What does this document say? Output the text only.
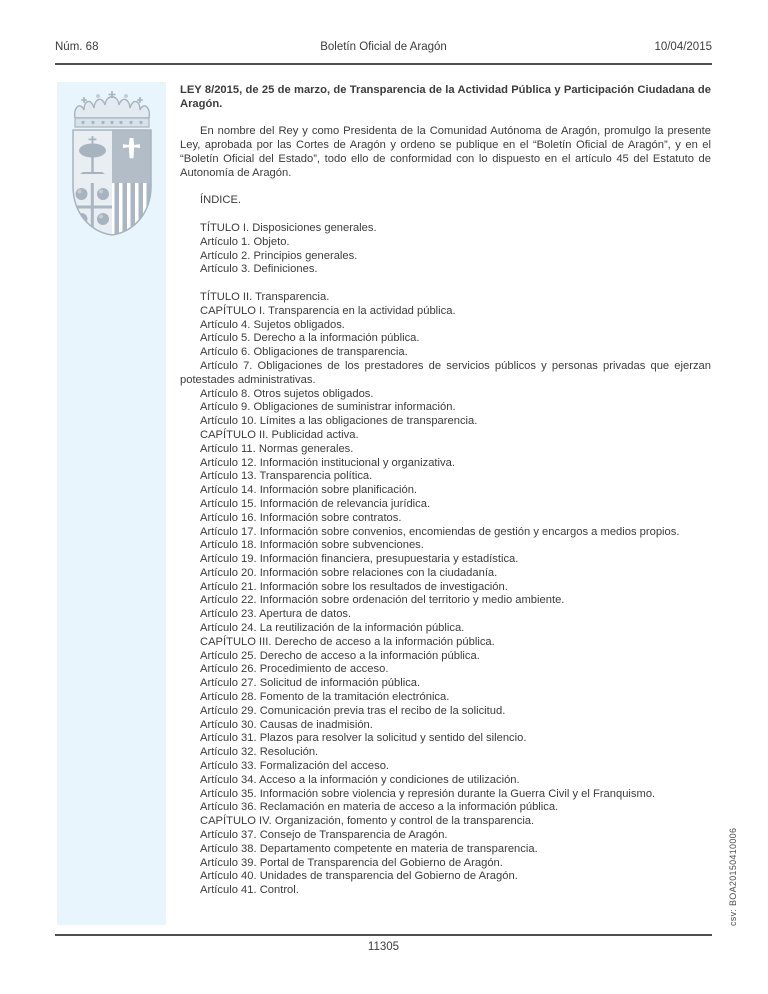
Boletín Oficial de Aragón
Núm. 68	10/04/2015

LEY 8/2015, de 25 de marzo, de Transparencia de la Actividad Pública y Participación Ciudadana de Aragón.

En nombre del Rey y como Presidenta de la Comunidad Autónoma de Aragón, promulgo la presente Ley, aprobada por las Cortes de Aragón y ordeno se publique en el “Boletín Oficial de Aragón”, y en el “Boletín Oficial del Estado”, todo ello de conformidad con lo dispuesto en el artículo 45 del Estatuto de Autonomía de Aragón.

ÍNDICE.

TÍTULO I. Disposiciones generales.

Artículo 1. Objeto.

Artículo 2. Principios generales.

Artículo 3. Definiciones.

TÍTULO II. Transparencia.

CAPÍTULO I. Transparencia en la actividad pública.

Artículo 4. Sujetos obligados.

Artículo 5. Derecho a la información pública.

Artículo 6. Obligaciones de transparencia.

Artículo 7. Obligaciones de los prestadores de servicios públicos y personas privadas que ejerzan potestades administrativas.

Artículo 8. Otros sujetos obligados.

Artículo 9. Obligaciones de suministrar información.

Artículo 10. Límites a las obligaciones de transparencia.

CAPÍTULO II. Publicidad activa.

Artículo 11. Normas generales.

Artículo 12. Información institucional y organizativa.

Artículo 13. Transparencia política.

Artículo 14. Información sobre planificación.

Artículo 15. Información de relevancia jurídica.

Artículo 16. Información sobre contratos.

Artículo 17. Información sobre convenios, encomiendas de gestión y encargos a medios propios.

Artículo 18. Información sobre subvenciones.

Artículo 19. Información financiera, presupuestaria y estadística.

Artículo 20. Información sobre relaciones con la ciudadanía.

Artículo 21. Información sobre los resultados de investigación.

Artículo 22. Información sobre ordenación del territorio y medio ambiente.

Artículo 23. Apertura de datos.

Artículo 24. La reutilización de la información pública.

CAPÍTULO III. Derecho de acceso a la información pública.

Artículo 25. Derecho de acceso a la información pública.

Artículo 26. Procedimiento de acceso.

Artículo 27. Solicitud de información pública.

Artículo 28. Fomento de la tramitación electrónica.

Artículo 29. Comunicación previa tras el recibo de la solicitud.

Artículo 30. Causas de inadmisión.

Artículo 31. Plazos para resolver la solicitud y sentido del silencio.

Artículo 32. Resolución.

Artículo 33. Formalización del acceso.

Artículo 34. Acceso a la información y condiciones de utilización.

Artículo 35. Información sobre violencia y represión durante la Guerra Civil y el Franquismo.

Artículo 36. Reclamación en materia de acceso a la información pública.

CAPÍTULO IV. Organización, fomento y control de la transparencia.

Artículo 37. Consejo de Transparencia de Aragón.

Artículo 38. Departamento competente en materia de transparencia.

Artículo 39. Portal de Transparencia del Gobierno de Aragón.

Artículo 40. Unidades de transparencia del Gobierno de Aragón.

Artículo 41. Control.

11305
csv: BOA20150410006
